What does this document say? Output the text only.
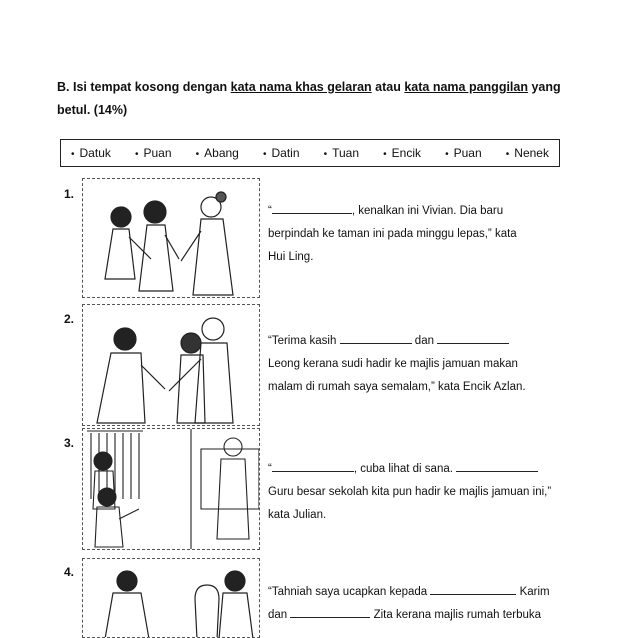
B. Isi tempat kosong dengan kata nama khas gelaran atau kata nama panggilan yang
betul. (14%)
• Datuk	• Puan	• Abang	• Datin	• Tuan	• Encik	• Puan	• Nenek
1.
“	, kenalkan ini Vivian. Dia baru
berpindah ke taman ini pada minggu lepas,” kata
Hui Ling.
2.
“Terima kasih	dan
Leong kerana sudi hadir ke majlis jamuan makan
malam di rumah saya semalam,” kata Encik Azlan.
3.
“	, cuba lihat di sana.
Guru besar sekolah kita pun hadir ke majlis jamuan ini,”
kata Julian.
4.
“Tahniah saya ucapkan kepada	Karim
dan	Zita kerana majlis rumah terbuka
